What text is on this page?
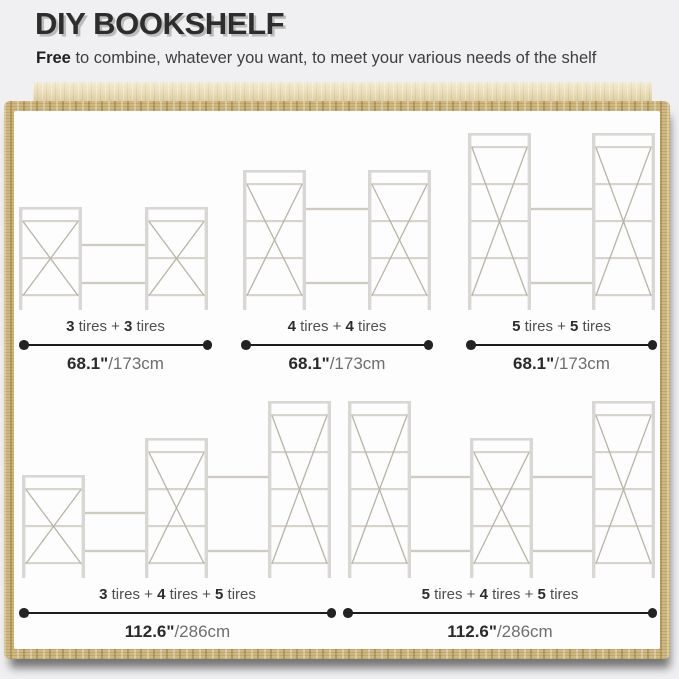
DIY BOOKSHELF
Free to combine, whatever you want, to meet your various needs of the shelf
3 tires + 3 tires
68.1"/173cm
4 tires + 4 tires
68.1"/173cm
5 tires + 5 tires
68.1"/173cm
3 tires + 4 tires + 5 tires
112.6"/286cm
5 tires + 4 tires + 5 tires
112.6"/286cm
